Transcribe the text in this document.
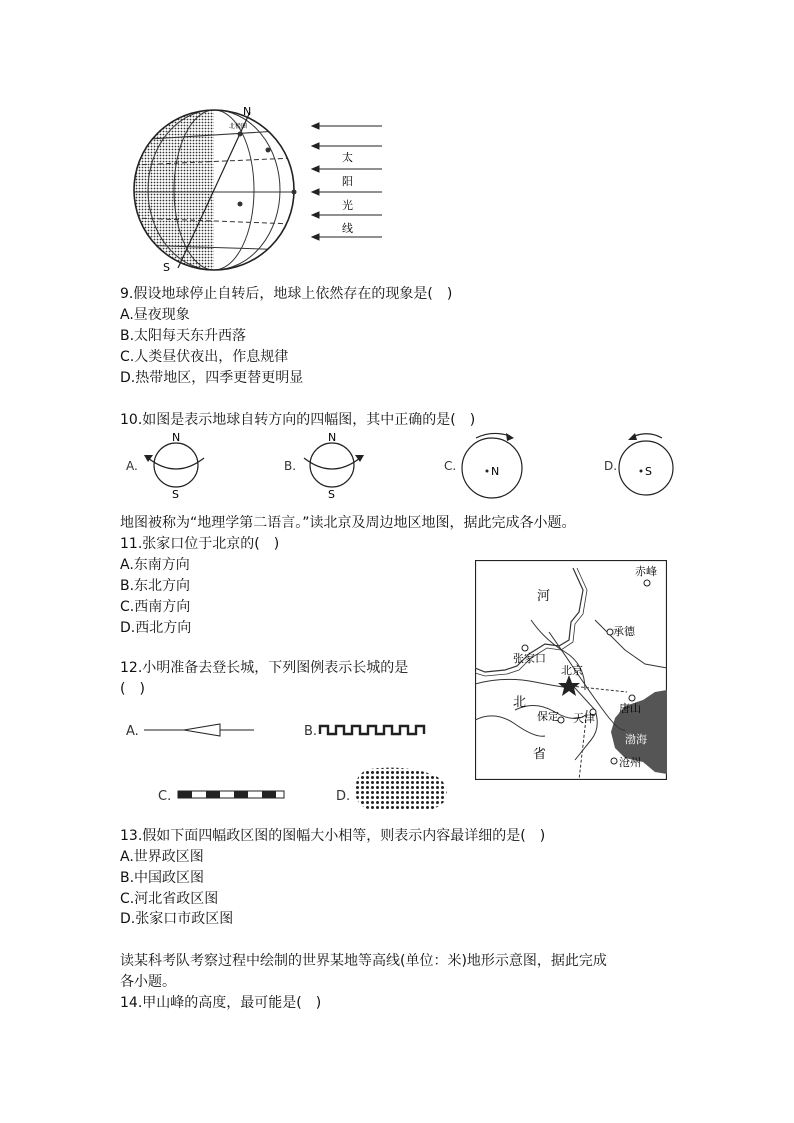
N
S
北极圈
太
阳
光
线
9.假设地球停止自转后，地球上依然存在的现象是(　)
A.昼夜现象
B.太阳每天东升西落
C.人类昼伏夜出，作息规律
D.热带地区，四季更替更明显
10.如图是表示地球自转方向的四幅图，其中正确的是(　)
A.
N
S
B.
N
S
C.	N	D.	S
地图被称为“地理学第二语言。”读北京及周边地区地图，据此完成各小题。
11.张家口位于北京的(　)
A.东南方向
B.东北方向
C.西南方向
D.西北方向
赤峰
河
承德
张家口
北京
北	唐山
保定 天津
省
沧州
渤海
12.小明准备去登长城，下列图例表示长城的是
(　)
A.	B.
C.	D.
13.假如下面四幅政区图的图幅大小相等，则表示内容最详细的是(　)
A.世界政区图
B.中国政区图
C.河北省政区图
D.张家口市政区图
读某科考队考察过程中绘制的世界某地等高线(单位：米)地形示意图，据此完成
各小题。
14.甲山峰的高度，最可能是(　)
